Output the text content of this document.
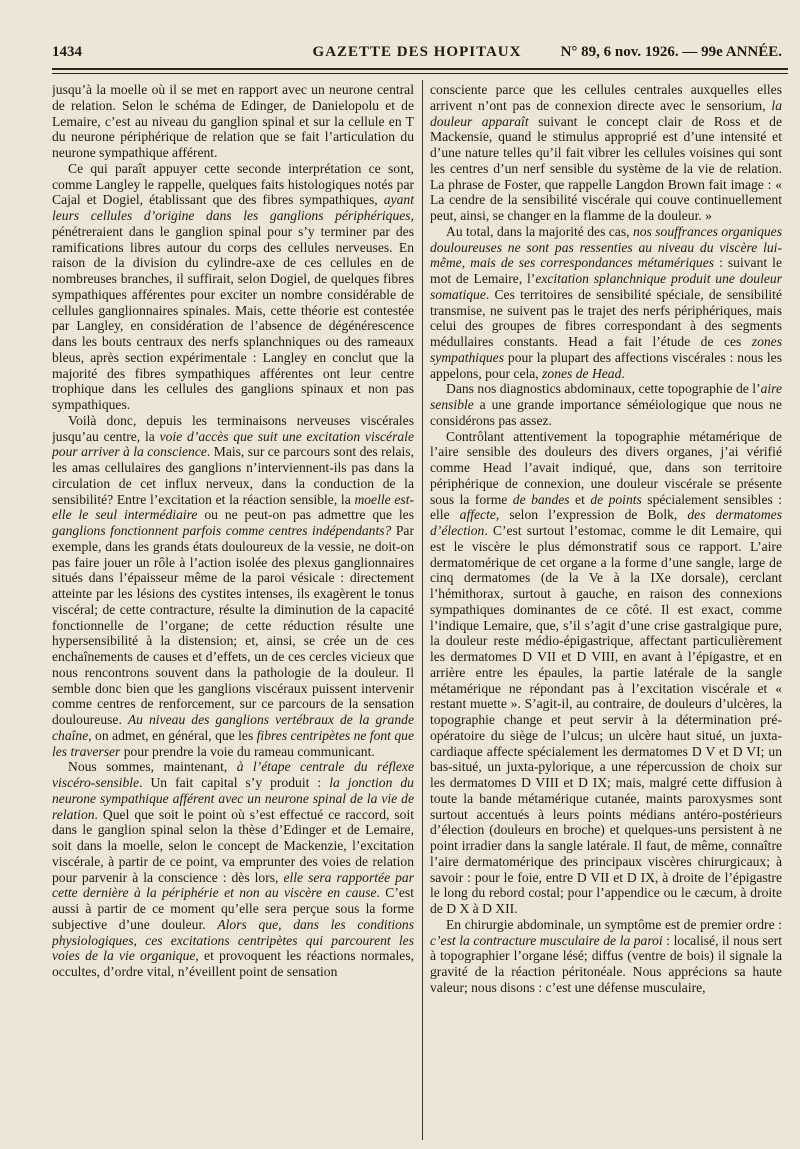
1434	GAZETTE DES HOPITAUX	N° 89, 6 nov. 1926. — 99e ANNÉE.

jusqu’à la moelle où il se met en rapport avec un neurone central de relation. Selon le schéma de Edinger, de Danielopolu et de Lemaire, c’est au niveau du ganglion spinal et sur la cellule en T du neurone périphérique de relation que se fait l’articulation du neurone sympathique afférent.

Ce qui paraît appuyer cette seconde interprétation ce sont, comme Langley le rappelle, quelques faits histologiques notés par Cajal et Dogiel, établissant que des fibres sympathiques, ayant leurs cellules d’origine dans les ganglions périphériques, pénétreraient dans le ganglion spinal pour s’y terminer par des ramifications libres autour du corps des cellules nerveuses. En raison de la division du cylindre-axe de ces cellules en de nombreuses branches, il suffirait, selon Dogiel, de quelques fibres sympathiques afférentes pour exciter un nombre considérable de cellules ganglionnaires spinales. Mais, cette théorie est contestée par Langley, en considération de l’absence de dégénérescence dans les bouts centraux des nerfs splanchniques ou des rameaux bleus, après section expérimentale : Langley en conclut que la majorité des fibres sympathiques afférentes ont leur centre trophique dans les cellules des ganglions spinaux et non pas sympathiques.

Voilà donc, depuis les terminaisons nerveuses viscérales jusqu’au centre, la voie d’accès que suit une excitation viscérale pour arriver à la conscience. Mais, sur ce parcours sont des relais, les amas cellulaires des ganglions n’interviennent-ils pas dans la circulation de cet influx nerveux, dans la conduction de la sensibilité? Entre l’excitation et la réaction sensible, la moelle est-elle le seul intermédiaire ou ne peut-on pas admettre que les ganglions fonctionnent parfois comme centres indépendants? Par exemple, dans les grands états douloureux de la vessie, ne doit-on pas faire jouer un rôle à l’action isolée des plexus ganglionnaires situés dans l’épaisseur même de la paroi vésicale : directement atteinte par les lésions des cystites intenses, ils exagèrent le tonus viscéral; de cette contracture, résulte la diminution de la capacité fonctionnelle de l’organe; de cette réduction résulte une hypersensibilité à la distension; et, ainsi, se crée un de ces enchaînements de causes et d’effets, un de ces cercles vicieux que nous rencontrons souvent dans la pathologie de la douleur. Il semble donc bien que les ganglions viscéraux puissent intervenir comme centres de renforcement, sur ce parcours de la sensation douloureuse. Au niveau des ganglions vertébraux de la grande chaîne, on admet, en général, que les fibres centripètes ne font que les traverser pour prendre la voie du rameau communicant.

Nous sommes, maintenant, à l’étape centrale du réflexe viscéro-sensible. Un fait capital s’y produit : la jonction du neurone sympathique afférent avec un neurone spinal de la vie de relation. Quel que soit le point où s’est effectué ce raccord, soit dans le ganglion spinal selon la thèse d’Edinger et de Lemaire, soit dans la moelle, selon le concept de Mackenzie, l’excitation viscérale, à partir de ce point, va emprunter des voies de relation pour parvenir à la conscience : dès lors, elle sera rapportée par cette dernière à la périphérie et non au viscère en cause. C’est aussi à partir de ce moment qu’elle sera perçue sous la forme subjective d’une douleur. Alors que, dans les conditions physiologiques, ces excitations centripètes qui parcourent les voies de la vie organique, et provoquent les réactions normales, occultes, d’ordre vital, n’éveillent point de sensation

consciente parce que les cellules centrales auxquelles elles arrivent n’ont pas de connexion directe avec le sensorium, la douleur apparaît suivant le concept clair de Ross et de Mackensie, quand le stimulus approprié est d’une intensité et d’une nature telles qu’il fait vibrer les cellules voisines qui sont les centres d’un nerf sensible du système de la vie de relation. La phrase de Foster, que rappelle Langdon Brown fait image : « La cendre de la sensibilité viscérale qui couve continuellement peut, ainsi, se changer en la flamme de la douleur. »

Au total, dans la majorité des cas, nos souffrances organiques douloureuses ne sont pas ressenties au niveau du viscère lui-même, mais de ses correspondances métamériques : suivant le mot de Lemaire, l’excitation splanchnique produit une douleur somatique. Ces territoires de sensibilité spéciale, de sensibilité transmise, ne suivent pas le trajet des nerfs périphériques, mais celui des groupes de fibres correspondant à des segments médullaires constants. Head a fait l’étude de ces zones sympathiques pour la plupart des affections viscérales : nous les appelons, pour cela, zones de Head.

Dans nos diagnostics abdominaux, cette topographie de l’aire sensible a une grande importance séméiologique que nous ne considérons pas assez.

Contrôlant attentivement la topographie métamérique de l’aire sensible des douleurs des divers organes, j’ai vérifié comme Head l’avait indiqué, que, dans son territoire périphérique de connexion, une douleur viscérale se présente sous la forme de bandes et de points spécialement sensibles : elle affecte, selon l’expression de Bolk, des dermatomes d’élection. C’est surtout l’estomac, comme le dit Lemaire, qui est le viscère le plus démonstratif sous ce rapport. L’aire dermatomérique de cet organe a la forme d’une sangle, large de cinq dermatomes (de la Ve à la IXe dorsale), cerclant l’hémithorax, surtout à gauche, en raison des connexions sympathiques dominantes de ce côté. Il est exact, comme l’indique Lemaire, que, s’il s’agit d’une crise gastralgique pure, la douleur reste médio-épigastrique, affectant particulièrement les dermatomes D VII et D VIII, en avant à l’épigastre, et en arrière entre les épaules, la partie latérale de la sangle métamérique ne répondant pas à l’excitation viscérale et « restant muette ». S’agit-il, au contraire, de douleurs d’ulcères, la topographie change et peut servir à la détermination pré-opératoire du siège de l’ulcus; un ulcère haut situé, un juxta-cardiaque affecte spécialement les dermatomes D V et D VI; un bas-situé, un juxta-pylorique, a une répercussion de choix sur les dermatomes D VIII et D IX; mais, malgré cette diffusion à toute la bande métamérique cutanée, maints paroxysmes sont surtout accentués à leurs points médians antéro-postérieurs d’élection (douleurs en broche) et quelques-uns persistent à ne point irradier dans la sangle latérale. Il faut, de même, connaître l’aire dermatomérique des principaux viscères chirurgicaux; à savoir : pour le foie, entre D VII et D IX, à droite de l’épigastre le long du rebord costal; pour l’appendice ou le cæcum, à droite de D X à D XII.

En chirurgie abdominale, un symptôme est de premier ordre : c’est la contracture musculaire de la paroi : localisé, il nous sert à topographier l’organe lésé; diffus (ventre de bois) il signale la gravité de la réaction péritonéale. Nous apprécions sa haute valeur; nous disons : c’est une défense musculaire,
